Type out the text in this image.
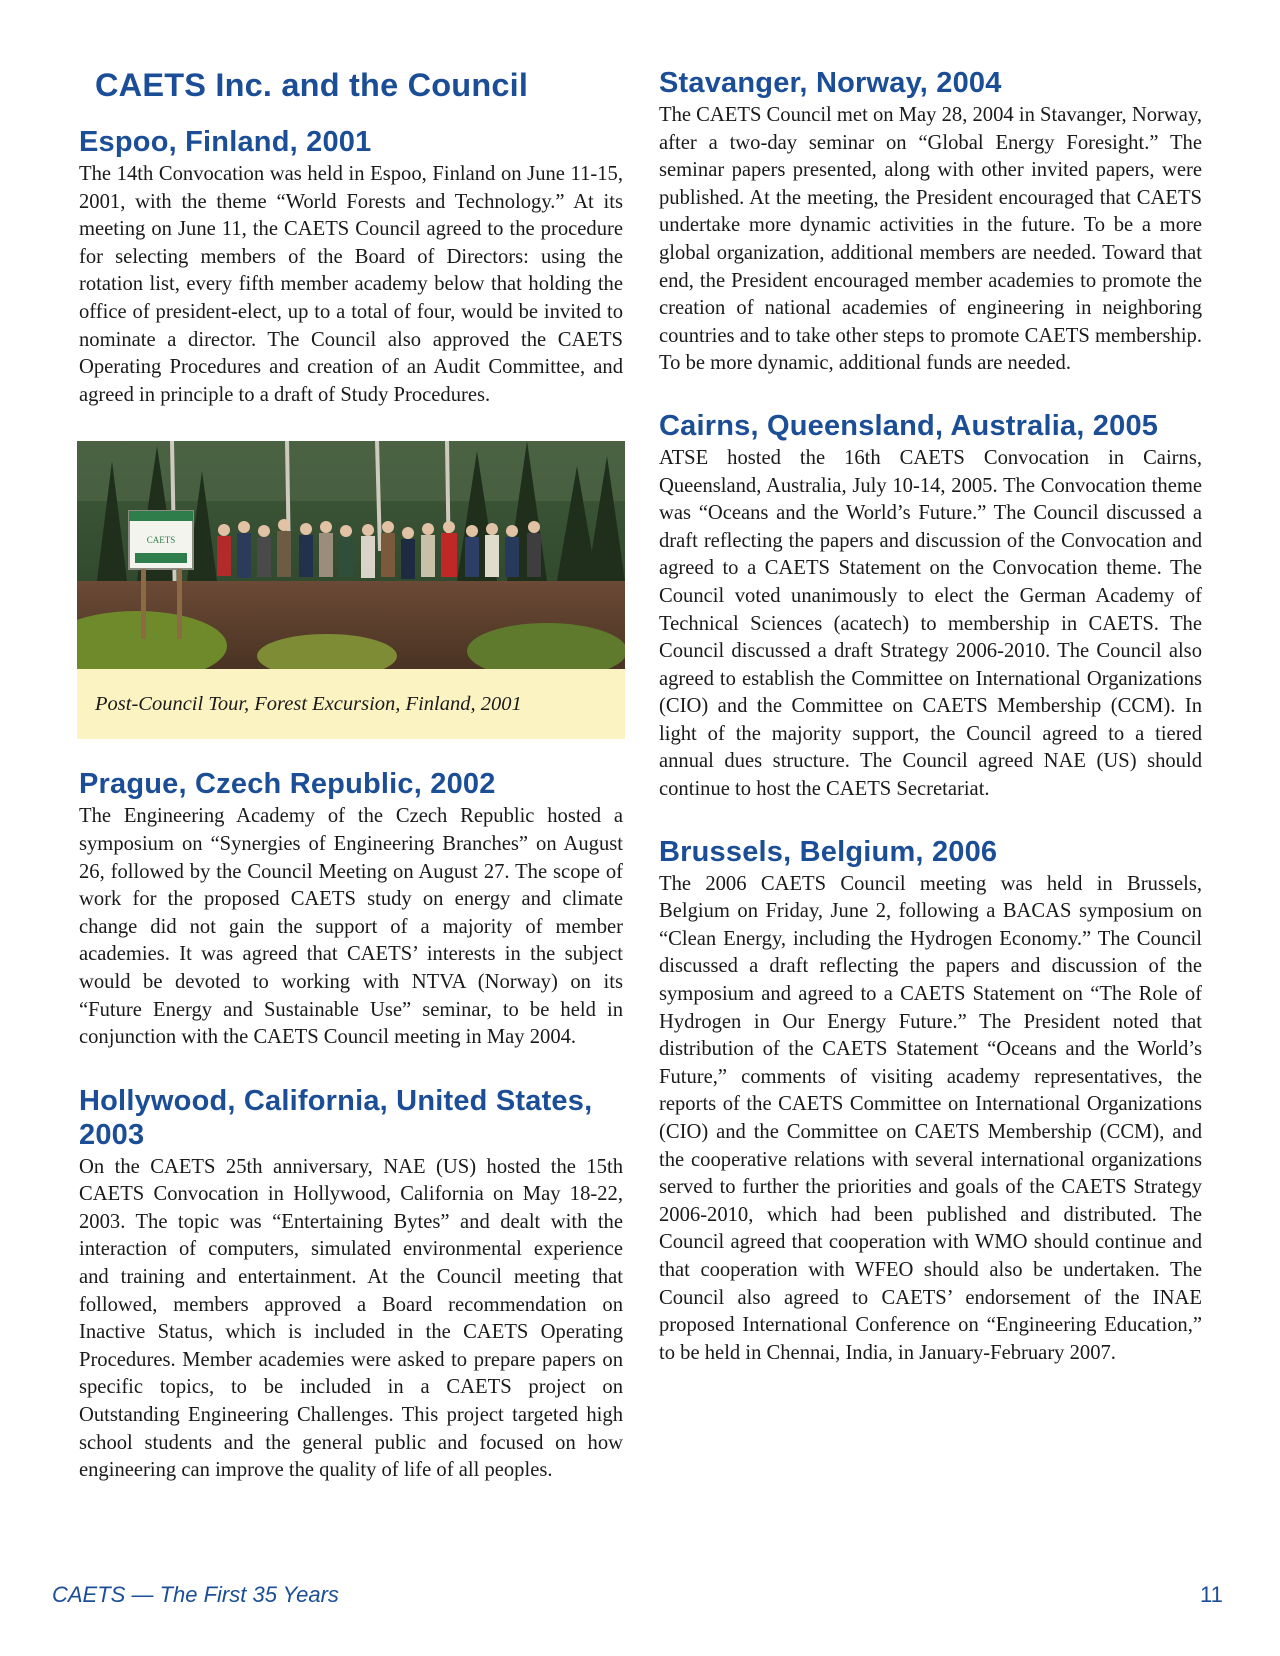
CAETS Inc. and the Council
Espoo, Finland, 2001

The 14th Convocation was held in Espoo, Finland on June 11-15, 2001, with the theme “World Forests and Technology.” At its meeting on June 11, the CAETS Council agreed to the procedure for selecting members of the Board of Directors: using the rotation list, every fifth member academy below that holding the office of president-elect, up to a total of four, would be invited to nominate a director. The Council also approved the CAETS Operating Procedures and creation of an Audit Committee, and agreed in principle to a draft of Study Procedures.

CAETS
Post-Council Tour, Forest Excursion, Finland, 2001
Prague, Czech Republic, 2002

The Engineering Academy of the Czech Republic hosted a symposium on “Synergies of Engineering Branches” on August 26, followed by the Council Meeting on August 27. The scope of work for the proposed CAETS study on energy and climate change did not gain the support of a majority of member academies. It was agreed that CAETS’ interests in the subject would be devoted to working with NTVA (Norway) on its “Future Energy and Sustainable Use” seminar, to be held in conjunction with the CAETS Council meeting in May 2004.

Hollywood, California, United States, 2003

On the CAETS 25th anniversary, NAE (US) hosted the 15th CAETS Convocation in Hollywood, California on May 18-22, 2003. The topic was “Entertaining Bytes” and dealt with the interaction of computers, simulated environmental experience and training and entertainment. At the Council meeting that followed, members approved a Board recommendation on Inactive Status, which is included in the CAETS Operating Procedures. Member academies were asked to prepare papers on specific topics, to be included in a CAETS project on Outstanding Engineering Challenges. This project targeted high school students and the general public and focused on how engineering can improve the quality of life of all peoples.

Stavanger, Norway, 2004

The CAETS Council met on May 28, 2004 in Stavanger, Norway, after a two-day seminar on “Global Energy Foresight.” The seminar papers presented, along with other invited papers, were published. At the meeting, the President encouraged that CAETS undertake more dynamic activities in the future. To be a more global organization, additional members are needed. Toward that end, the President encouraged member academies to promote the creation of national academies of engineering in neighboring countries and to take other steps to promote CAETS membership. To be more dynamic, additional funds are needed.

Cairns, Queensland, Australia, 2005

ATSE hosted the 16th CAETS Convocation in Cairns, Queensland, Australia, July 10-14, 2005. The Convocation theme was “Oceans and the World’s Future.” The Council discussed a draft reflecting the papers and discussion of the Convocation and agreed to a CAETS Statement on the Convocation theme. The Council voted unanimously to elect the German Academy of Technical Sciences (acatech) to membership in CAETS. The Council discussed a draft Strategy 2006-2010. The Council also agreed to establish the Committee on International Organizations (CIO) and the Committee on CAETS Membership (CCM). In light of the majority support, the Council agreed to a tiered annual dues structure. The Council agreed NAE (US) should continue to host the CAETS Secretariat.

Brussels, Belgium, 2006

The 2006 CAETS Council meeting was held in Brussels, Belgium on Friday, June 2, following a BACAS symposium on “Clean Energy, including the Hydrogen Economy.” The Council discussed a draft reflecting the papers and discussion of the symposium and agreed to a CAETS Statement on “The Role of Hydrogen in Our Energy Future.” The President noted that distribution of the CAETS Statement “Oceans and the World’s Future,” comments of visiting academy representatives, the reports of the CAETS Committee on International Organizations (CIO) and the Committee on CAETS Membership (CCM), and the cooperative relations with several international organizations served to further the priorities and goals of the CAETS Strategy 2006-2010, which had been published and distributed. The Council agreed that cooperation with WMO should continue and that cooperation with WFEO should also be undertaken. The Council also agreed to CAETS’ endorsement of the INAE proposed International Conference on “Engineering Education,” to be held in Chennai, India, in January-February 2007.

CAETS — The First 35 Years	11
